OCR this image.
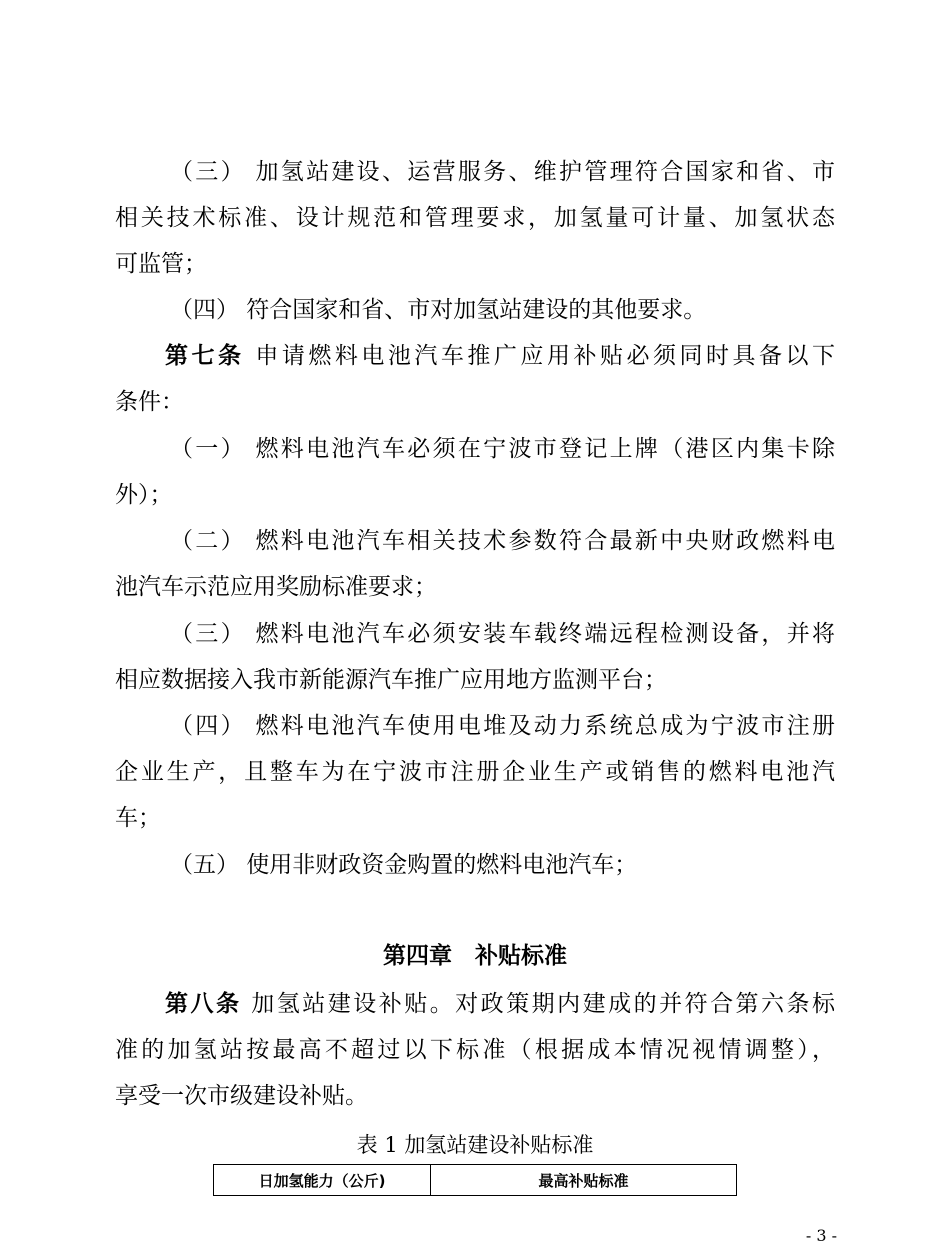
（三） 加氢站建设、运营服务、维护管理符合国家和省、市
相关技术标准、设计规范和管理要求，加氢量可计量、加氢状态
可监管；
（四） 符合国家和省、市对加氢站建设的其他要求。
第七条 申请燃料电池汽车推广应用补贴必须同时具备以下
条件：
（一） 燃料电池汽车必须在宁波市登记上牌（港区内集卡除
外）；
（二） 燃料电池汽车相关技术参数符合最新中央财政燃料电
池汽车示范应用奖励标准要求；
（三） 燃料电池汽车必须安装车载终端远程检测设备，并将
相应数据接入我市新能源汽车推广应用地方监测平台；
（四） 燃料电池汽车使用电堆及动力系统总成为宁波市注册
企业生产，且整车为在宁波市注册企业生产或销售的燃料电池汽
车；
（五） 使用非财政资金购置的燃料电池汽车；
第四章　补贴标准
第八条 加氢站建设补贴。对政策期内建成的并符合第六条标
准的加氢站按最高不超过以下标准（根据成本情况视情调整），
享受一次市级建设补贴。
表 1 加氢站建设补贴标准
日加氢能力（公斤)	最高补贴标准
- 3 -
